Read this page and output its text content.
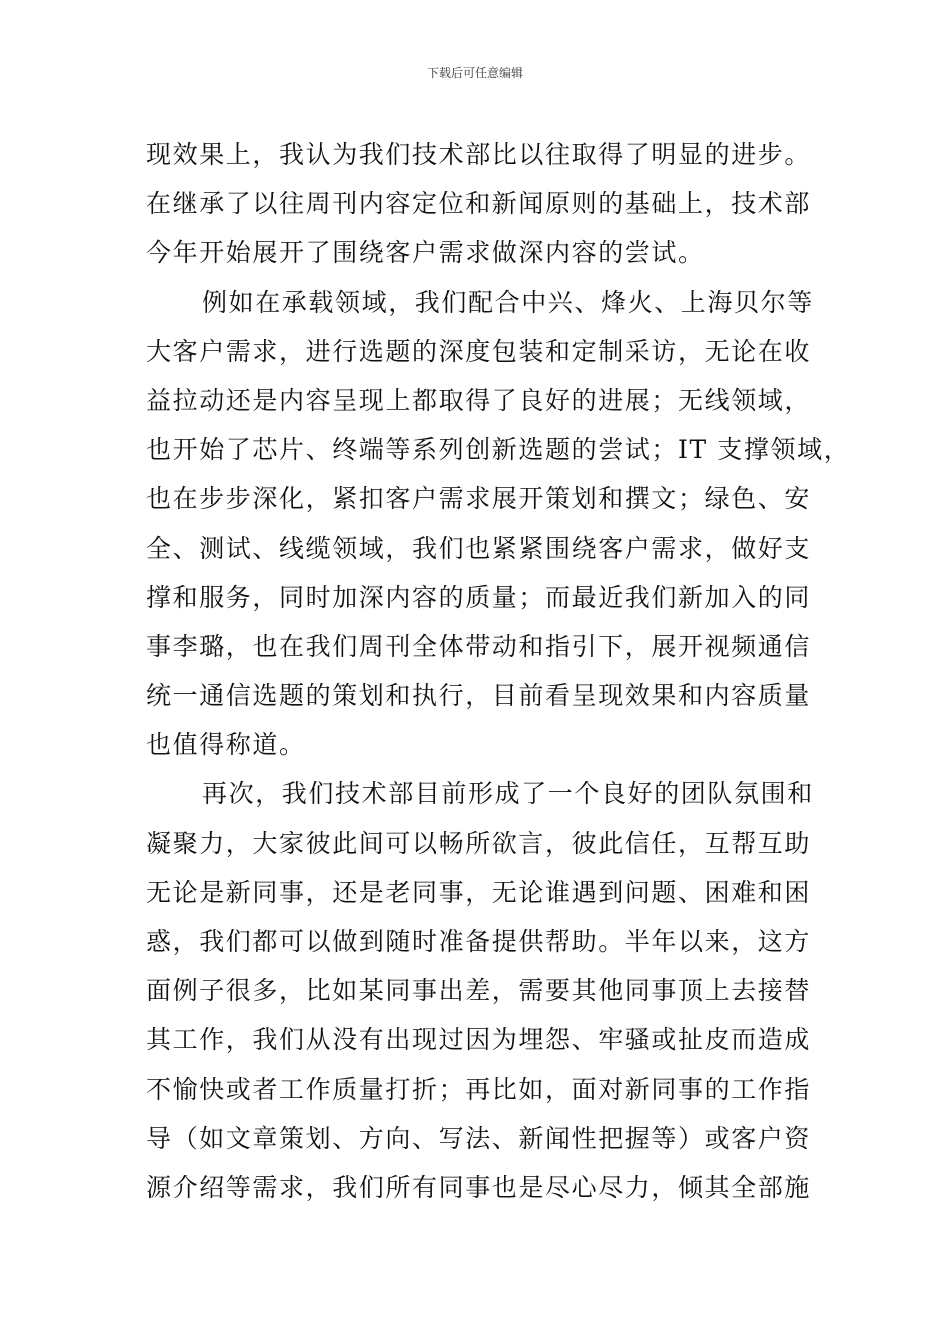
下载后可任意编辑
现效果上，我认为我们技术部比以往取得了明显的进步。
在继承了以往周刊内容定位和新闻原则的基础上，技术部
今年开始展开了围绕客户需求做深内容的尝试。
例如在承载领域，我们配合中兴、烽火、上海贝尔等
大客户需求，进行选题的深度包装和定制采访，无论在收
益拉动还是内容呈现上都取得了良好的进展；无线领域，
也开始了芯片、终端等系列创新选题的尝试；IT 支撑领域，
也在步步深化，紧扣客户需求展开策划和撰文；绿色、安
全、测试、线缆领域，我们也紧紧围绕客户需求，做好支
撑和服务，同时加深内容的质量；而最近我们新加入的同
事李璐，也在我们周刊全体带动和指引下，展开视频通信
统一通信选题的策划和执行，目前看呈现效果和内容质量
也值得称道。
再次，我们技术部目前形成了一个良好的团队氛围和
凝聚力，大家彼此间可以畅所欲言，彼此信任，互帮互助
无论是新同事，还是老同事，无论谁遇到问题、困难和困
惑，我们都可以做到随时准备提供帮助。半年以来，这方
面例子很多，比如某同事出差，需要其他同事顶上去接替
其工作，我们从没有出现过因为埋怨、牢骚或扯皮而造成
不愉快或者工作质量打折；再比如，面对新同事的工作指
导（如文章策划、方向、写法、新闻性把握等）或客户资
源介绍等需求，我们所有同事也是尽心尽力，倾其全部施
